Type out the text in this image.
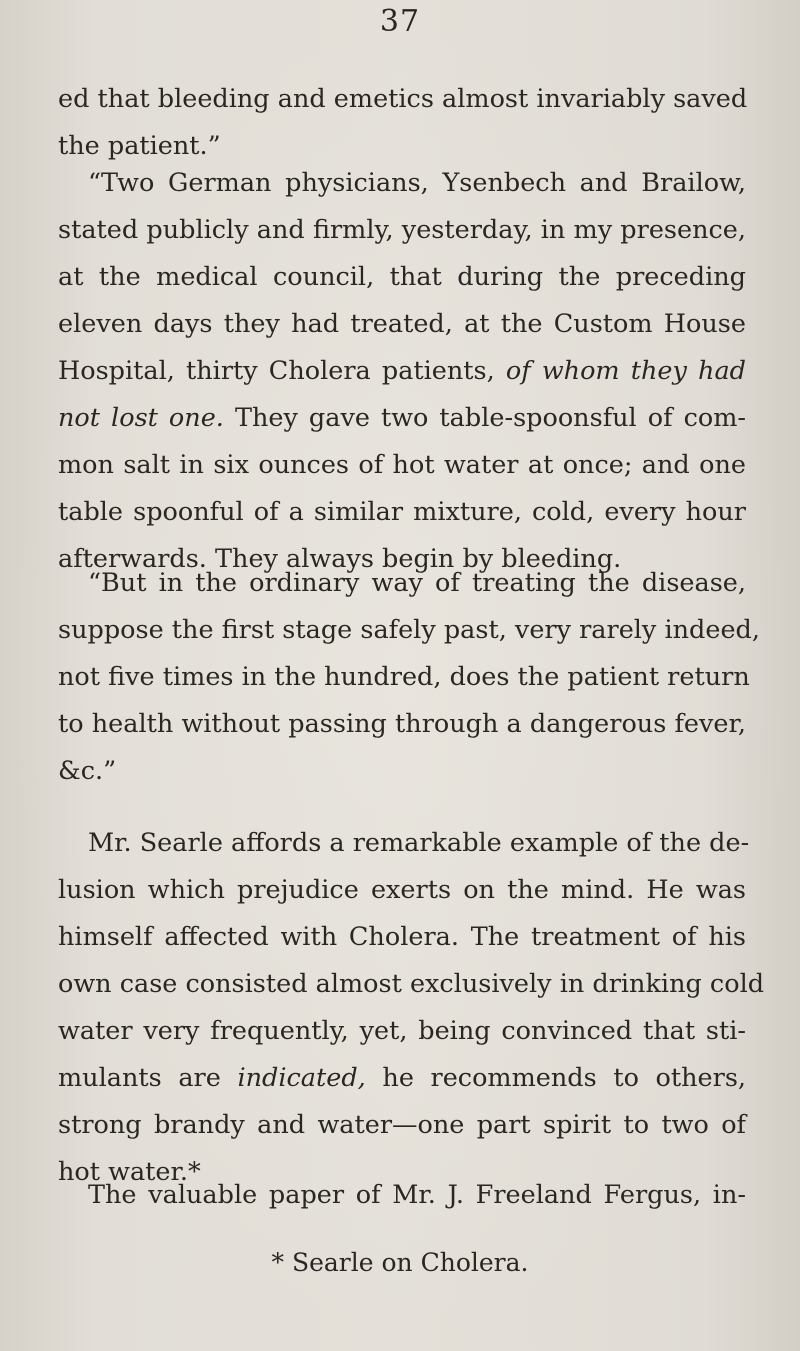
37

ed that bleeding and emetics almost invariably saved
the patient.”

“Two German physicians, Ysenbech and Brailow,
stated publicly and firmly, yesterday, in my presence,
at the medical council, that during the preceding
eleven days they had treated, at the Custom House
Hospital, thirty Cholera patients, of whom they had
not lost one. They gave two table-spoonsful of com-
mon salt in six ounces of hot water at once; and one
table spoonful of a similar mixture, cold, every hour
afterwards. They always begin by bleeding.

“But in the ordinary way of treating the disease,
suppose the first stage safely past, very rarely indeed,
not five times in the hundred, does the patient return
to health without passing through a dangerous fever,
&c.”

Mr. Searle affords a remarkable example of the de-
lusion which prejudice exerts on the mind. He was
himself affected with Cholera. The treatment of his
own case consisted almost exclusively in drinking cold
water very frequently, yet, being convinced that sti-
mulants are indicated, he recommends to others,
strong brandy and water—one part spirit to two of
hot water.*

The valuable paper of Mr. J. Freeland Fergus, in-

* Searle on Cholera.
